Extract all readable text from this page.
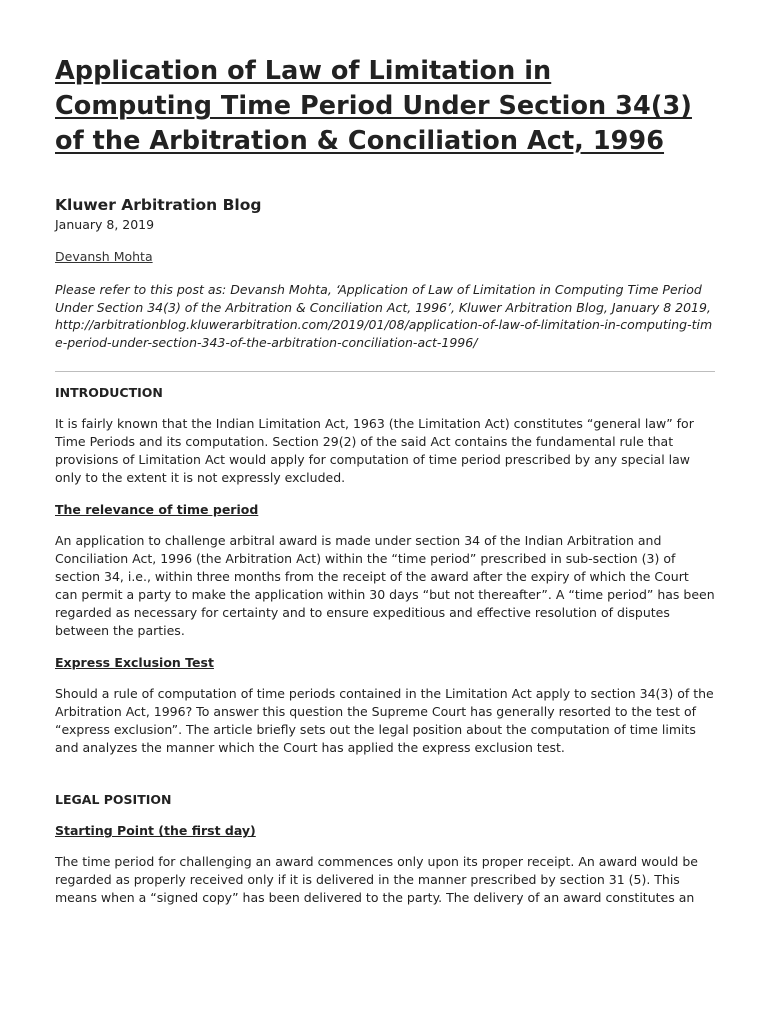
Application of Law of Limitation in Computing Time Period Under Section 34(3) of the Arbitration & Conciliation Act, 1996
Kluwer Arbitration Blog
January 8, 2019
Devansh Mohta
Please refer to this post as: Devansh Mohta, ‘Application of Law of Limitation in Computing Time Period Under Section 34(3) of the Arbitration & Conciliation Act, 1996’, Kluwer Arbitration Blog, January 8 2019,
http://arbitrationblog.kluwerarbitration.com/2019/01/08/application-of-law-of-limitation-in-computing-time-period-under-section-343-of-the-arbitration-conciliation-act-1996/
INTRODUCTION

It is fairly known that the Indian Limitation Act, 1963 (the Limitation Act) constitutes “general law” for Time Periods and its computation. Section 29(2) of the said Act contains the fundamental rule that provisions of Limitation Act would apply for computation of time period prescribed by any special law only to the extent it is not expressly excluded.

The relevance of time period

An application to challenge arbitral award is made under section 34 of the Indian Arbitration and Conciliation Act, 1996 (the Arbitration Act) within the “time period” prescribed in sub-section (3) of section 34, i.e., within three months from the receipt of the award after the expiry of which the Court can permit a party to make the application within 30 days “but not thereafter”. A “time period” has been regarded as necessary for certainty and to ensure expeditious and effective resolution of disputes between the parties.

Express Exclusion Test

Should a rule of computation of time periods contained in the Limitation Act apply to section 34(3) of the Arbitration Act, 1996? To answer this question the Supreme Court has generally resorted to the test of “express exclusion”. The article briefly sets out the legal position about the computation of time limits and analyzes the manner which the Court has applied the express exclusion test.

LEGAL POSITION
Starting Point (the first day)

The time period for challenging an award commences only upon its proper receipt. An award would be regarded as properly received only if it is delivered in the manner prescribed by section 31 (5). This means when a “signed copy” has been delivered to the party. The delivery of an award constitutes an
